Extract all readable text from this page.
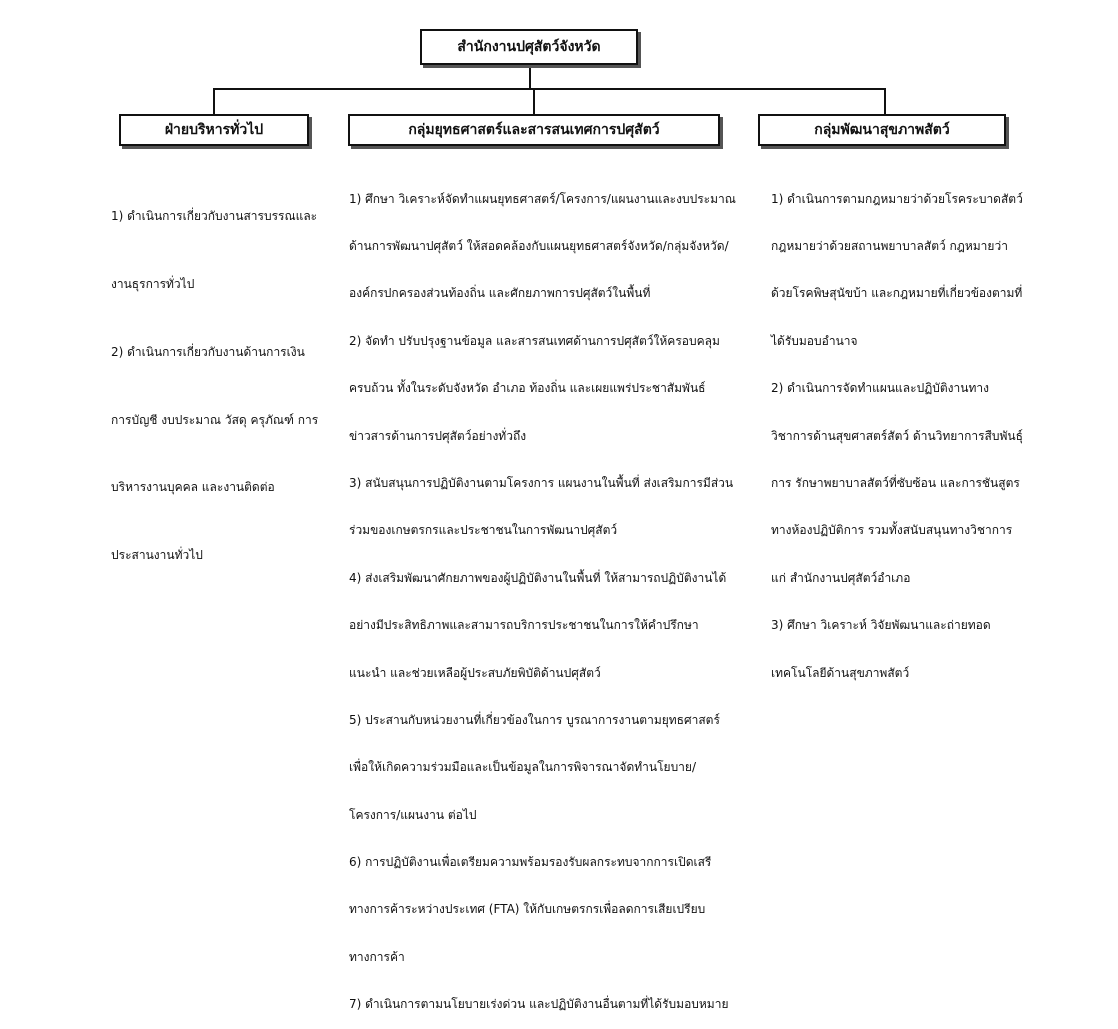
สำนักงานปศุสัตว์จังหวัด
ฝ่ายบริหารทั่วไป	กลุ่มยุทธศาสตร์และสารสนเทศการปศุสัตว์	กลุ่มพัฒนาสุขภาพสัตว์

1) ดำเนินการเกี่ยวกับงานสารบรรณและ

งานธุรการทั่วไป

2) ดำเนินการเกี่ยวกับงานด้านการเงิน

การบัญชี งบประมาณ วัสดุ ครุภัณฑ์ การ

บริหารงานบุคคล และงานติดต่อ

ประสานงานทั่วไป

1) ศึกษา วิเคราะห์จัดทำแผนยุทธศาสตร์/โครงการ/แผนงานและงบประมาณ

ด้านการพัฒนาปศุสัตว์ ให้สอดคล้องกับแผนยุทธศาสตร์จังหวัด/กลุ่มจังหวัด/

องค์กรปกครองส่วนท้องถิ่น และศักยภาพการปศุสัตว์ในพื้นที่

2) จัดทำ ปรับปรุงฐานข้อมูล และสารสนเทศด้านการปศุสัตว์ให้ครอบคลุม

ครบถ้วน ทั้งในระดับจังหวัด อำเภอ ท้องถิ่น และเผยแพร่ประชาสัมพันธ์

ข่าวสารด้านการปศุสัตว์อย่างทั่วถึง

3) สนับสนุนการปฏิบัติงานตามโครงการ แผนงานในพื้นที่ ส่งเสริมการมีส่วน

ร่วมของเกษตรกรและประชาชนในการพัฒนาปศุสัตว์

4) ส่งเสริมพัฒนาศักยภาพของผู้ปฏิบัติงานในพื้นที่ ให้สามารถปฏิบัติงานได้

อย่างมีประสิทธิภาพและสามารถบริการประชาชนในการให้คำปรึกษา

แนะนำ และช่วยเหลือผู้ประสบภัยพิบัติด้านปศุสัตว์

5) ประสานกับหน่วยงานที่เกี่ยวข้องในการ บูรณาการงานตามยุทธศาสตร์

เพื่อให้เกิดความร่วมมือและเป็นข้อมูลในการพิจารณาจัดทำนโยบาย/

โครงการ/แผนงาน ต่อไป

6) การปฏิบัติงานเพื่อเตรียมความพร้อมรองรับผลกระทบจากการเปิดเสรี

ทางการค้าระหว่างประเทศ (FTA) ให้กับเกษตรกรเพื่อลดการเสียเปรียบ

ทางการค้า

7) ดำเนินการตามนโยบายเร่งด่วน และปฏิบัติงานอื่นตามที่ได้รับมอบหมาย

1) ดำเนินการตามกฎหมายว่าด้วยโรคระบาดสัตว์

กฎหมายว่าด้วยสถานพยาบาลสัตว์ กฎหมายว่า

ด้วยโรคพิษสุนัขบ้า และกฎหมายที่เกี่ยวข้องตามที่

ได้รับมอบอำนาจ

2) ดำเนินการจัดทำแผนและปฏิบัติงานทาง

วิชาการด้านสุขศาสตร์สัตว์ ด้านวิทยาการสืบพันธุ์

การ รักษาพยาบาลสัตว์ที่ซับซ้อน และการชันสูตร

ทางห้องปฏิบัติการ รวมทั้งสนับสนุนทางวิชาการ

แก่ สำนักงานปศุสัตว์อำเภอ

3) ศึกษา วิเคราะห์ วิจัยพัฒนาและถ่ายทอด

เทคโนโลยีด้านสุขภาพสัตว์
